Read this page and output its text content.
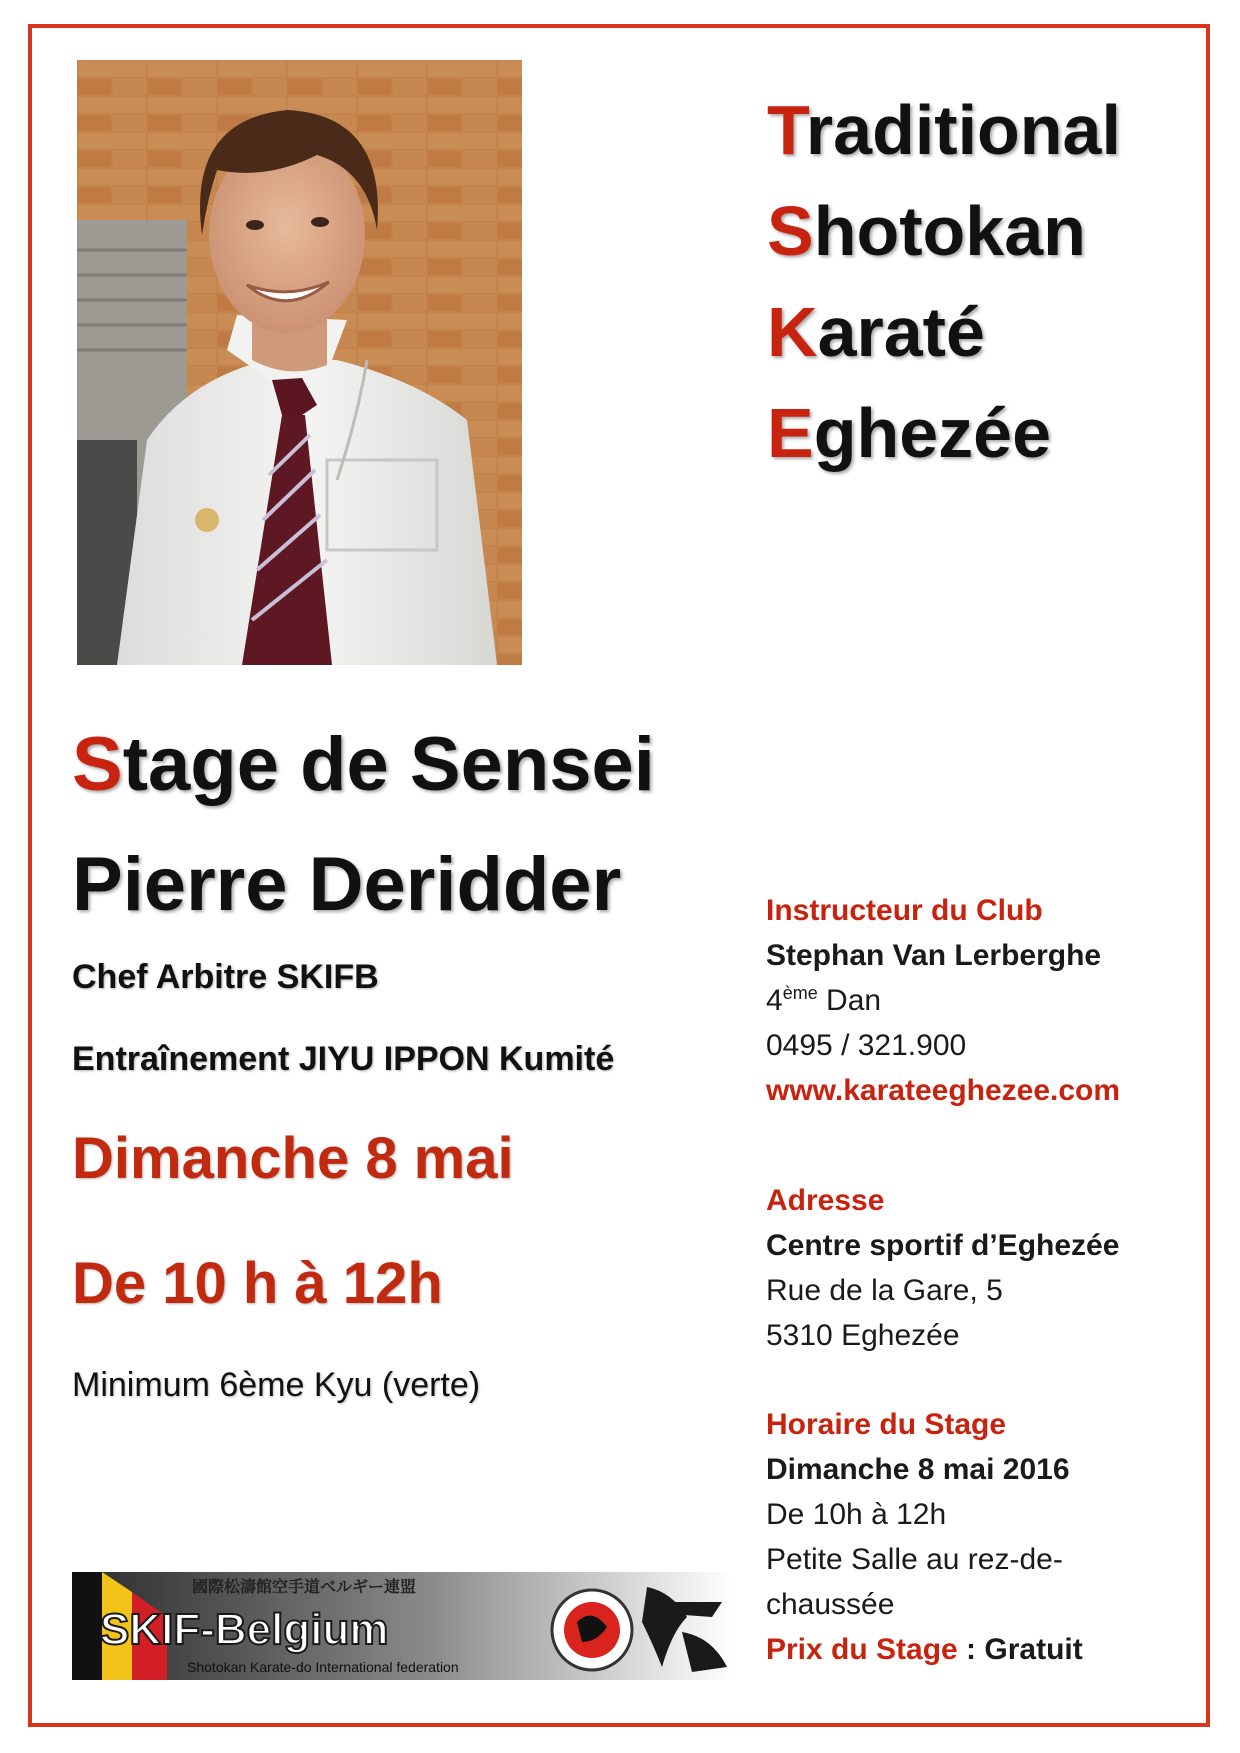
Traditional
Shotokan
Karaté
Eghezée
Stage de Sensei
Pierre Deridder
Chef Arbitre SKIFB
Entraînement JIYU IPPON Kumité
Dimanche 8 mai
De 10 h à 12h
Minimum 6ème Kyu (verte)
Instructeur du Club
Stephan Van Lerberghe
4ème Dan
0495 / 321.900
www.karateeghezee.com
Adresse
Centre sportif d’Eghezée
Rue de la Gare, 5
5310 Eghezée
Horaire du Stage
Dimanche 8 mai 2016
De 10h à 12h
Petite Salle au rez-de-
chaussée
Prix du Stage : Gratuit
國際松濤館空手道ベルギー連盟
SKIF-Belgium
Shotokan Karate-do International federation
